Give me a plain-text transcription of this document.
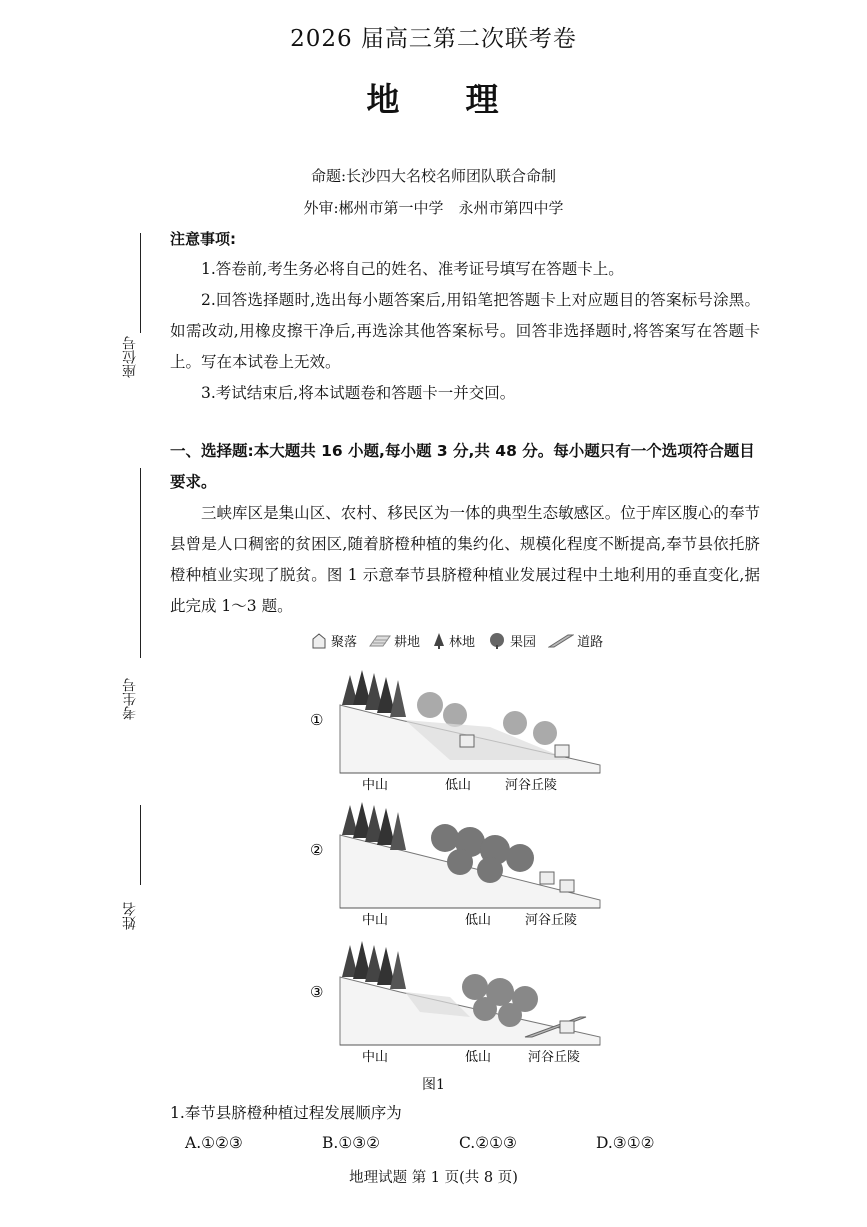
2026 届高三第二次联考卷
地 理
命题:长沙四大名校名师团队联合命制
外审:郴州市第一中学　永州市第四中学
座位号
考生号
姓名
注意事项:
1.答卷前,考生务必将自己的姓名、准考证号填写在答题卡上。
2.回答选择题时,选出每小题答案后,用铅笔把答题卡上对应题目的答案标号涂黑。如需改动,用橡皮擦干净后,再选涂其他答案标号。回答非选择题时,将答案写在答题卡上。写在本试卷上无效。
3.考试结束后,将本试题卷和答题卡一并交回。
一、选择题:本大题共 16 小题,每小题 3 分,共 48 分。每小题只有一个选项符合题目要求。
三峡库区是集山区、农村、移民区为一体的典型生态敏感区。位于库区腹心的奉节县曾是人口稠密的贫困区,随着脐橙种植的集约化、规模化程度不断提高,奉节县依托脐橙种植业实现了脱贫。图 1 示意奉节县脐橙种植业发展过程中土地利用的垂直变化,据此完成 1～3 题。
聚落	耕地 林地	果园	道路
①
中山	低山	河谷丘陵
②
中山	低山	河谷丘陵
③
中山	低山	河谷丘陵
图1
1.奉节县脐橙种植过程发展顺序为
A.①②③	B.①③②	C.②①③	D.③①②
地理试题 第 1 页(共 8 页)
